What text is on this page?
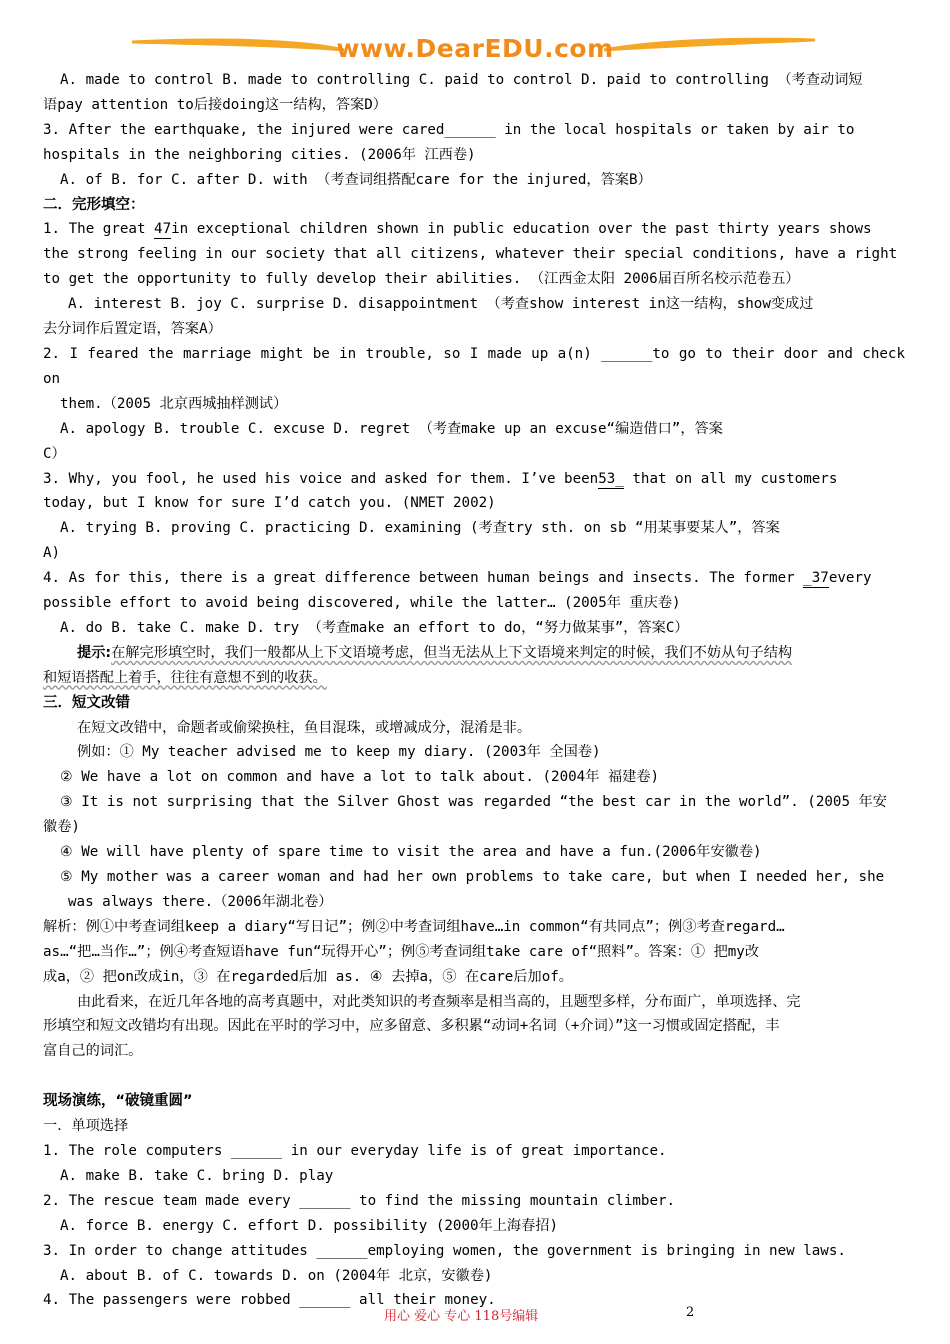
www.DearEDU.com

A. made to control B. made to controlling C. paid to control D. paid to controlling （考查动词短

语pay attention to后接doing这一结构，答案D）

3. After the earthquake, the injured were cared______ in the local hospitals or taken by air to

hospitals in the neighboring cities. (2006年 江西卷)

A. of B. for C. after D. with （考查词组搭配care for the injured，答案B）

二．完形填空：

1. The great 47in exceptional children shown in public education over the past thirty years shows

the strong feeling in our society that all citizens, whatever their special conditions, have a right

to get the opportunity to fully develop their abilities. （江西金太阳 2006届百所名校示范卷五）

A. interest B. joy C. surprise D. disappointment （考查show interest in这一结构，show变成过

去分词作后置定语，答案A）

2. I feared the marriage might be in trouble, so I made up a(n) ______to go to their door and check on

them.（2005 北京西城抽样测试）

A. apology B. trouble C. excuse D. regret （考查make up an excuse“编造借口”，答案

C）

3. Why, you fool, he used his voice and asked for them. I’ve been53_ that on all my customers

today, but I know for sure I’d catch you. (NMET 2002)

A. trying B. proving C. practicing D. examining (考查try sth. on sb “用某事要某人”，答案

A)

4. As for this, there is a great difference between human beings and insects. The former _37every

possible effort to avoid being discovered, while the latter… (2005年 重庆卷)

A. do B. take C. make D. try （考查make an effort to do，“努力做某事”，答案C）

提示:在解完形填空时，我们一般都从上下文语境考虑，但当无法从上下文语境来判定的时候，我们不妨从句子结构

和短语搭配上着手，往往有意想不到的收获。

三．短文改错

在短文改错中，命题者或偷梁换柱，鱼目混珠，或增减成分，混淆是非。

例如：① My teacher advised me to keep my diary. (2003年 全国卷)

② We have a lot on common and have a lot to talk about. (2004年 福建卷)

③ It is not surprising that the Silver Ghost was regarded “the best car in the world”. (2005 年安

徽卷)

④ We will have plenty of spare time to visit the area and have a fun.(2006年安徽卷)

⑤ My mother was a career woman and had her own problems to take care, but when I needed her, she

was always there.（2006年湖北卷）

解析：例①中考查词组keep a diary“写日记”；例②中考查词组have…in common“有共同点”；例③考查regard…

as…“把…当作…”；例④考查短语have fun“玩得开心”；例⑤考查词组take care of“照料”。答案：① 把my改

成a，② 把on改成in，③ 在regarded后加 as. ④ 去掉a，⑤ 在care后加of。

由此看来，在近几年各地的高考真题中，对此类知识的考查频率是相当高的，且题型多样，分布面广，单项选择、完

形填空和短文改错均有出现。因此在平时的学习中，应多留意、多积累“动词+名词（+介词）”这一习惯或固定搭配，丰

富自己的词汇。

现场演练，“破镜重圆”

一．单项选择

1. The role computers ______ in our everyday life is of great importance.

A. make B. take C. bring D. play

2. The rescue team made every ______ to find the missing mountain climber.

A. force B. energy C. effort D. possibility (2000年上海春招)

3. In order to change attitudes ______employing women, the government is bringing in new laws.

A. about B. of C. towards D. on (2004年 北京，安徽卷)

4. The passengers were robbed ______ all their money.

用心 爱心 专心 118号编辑	2
